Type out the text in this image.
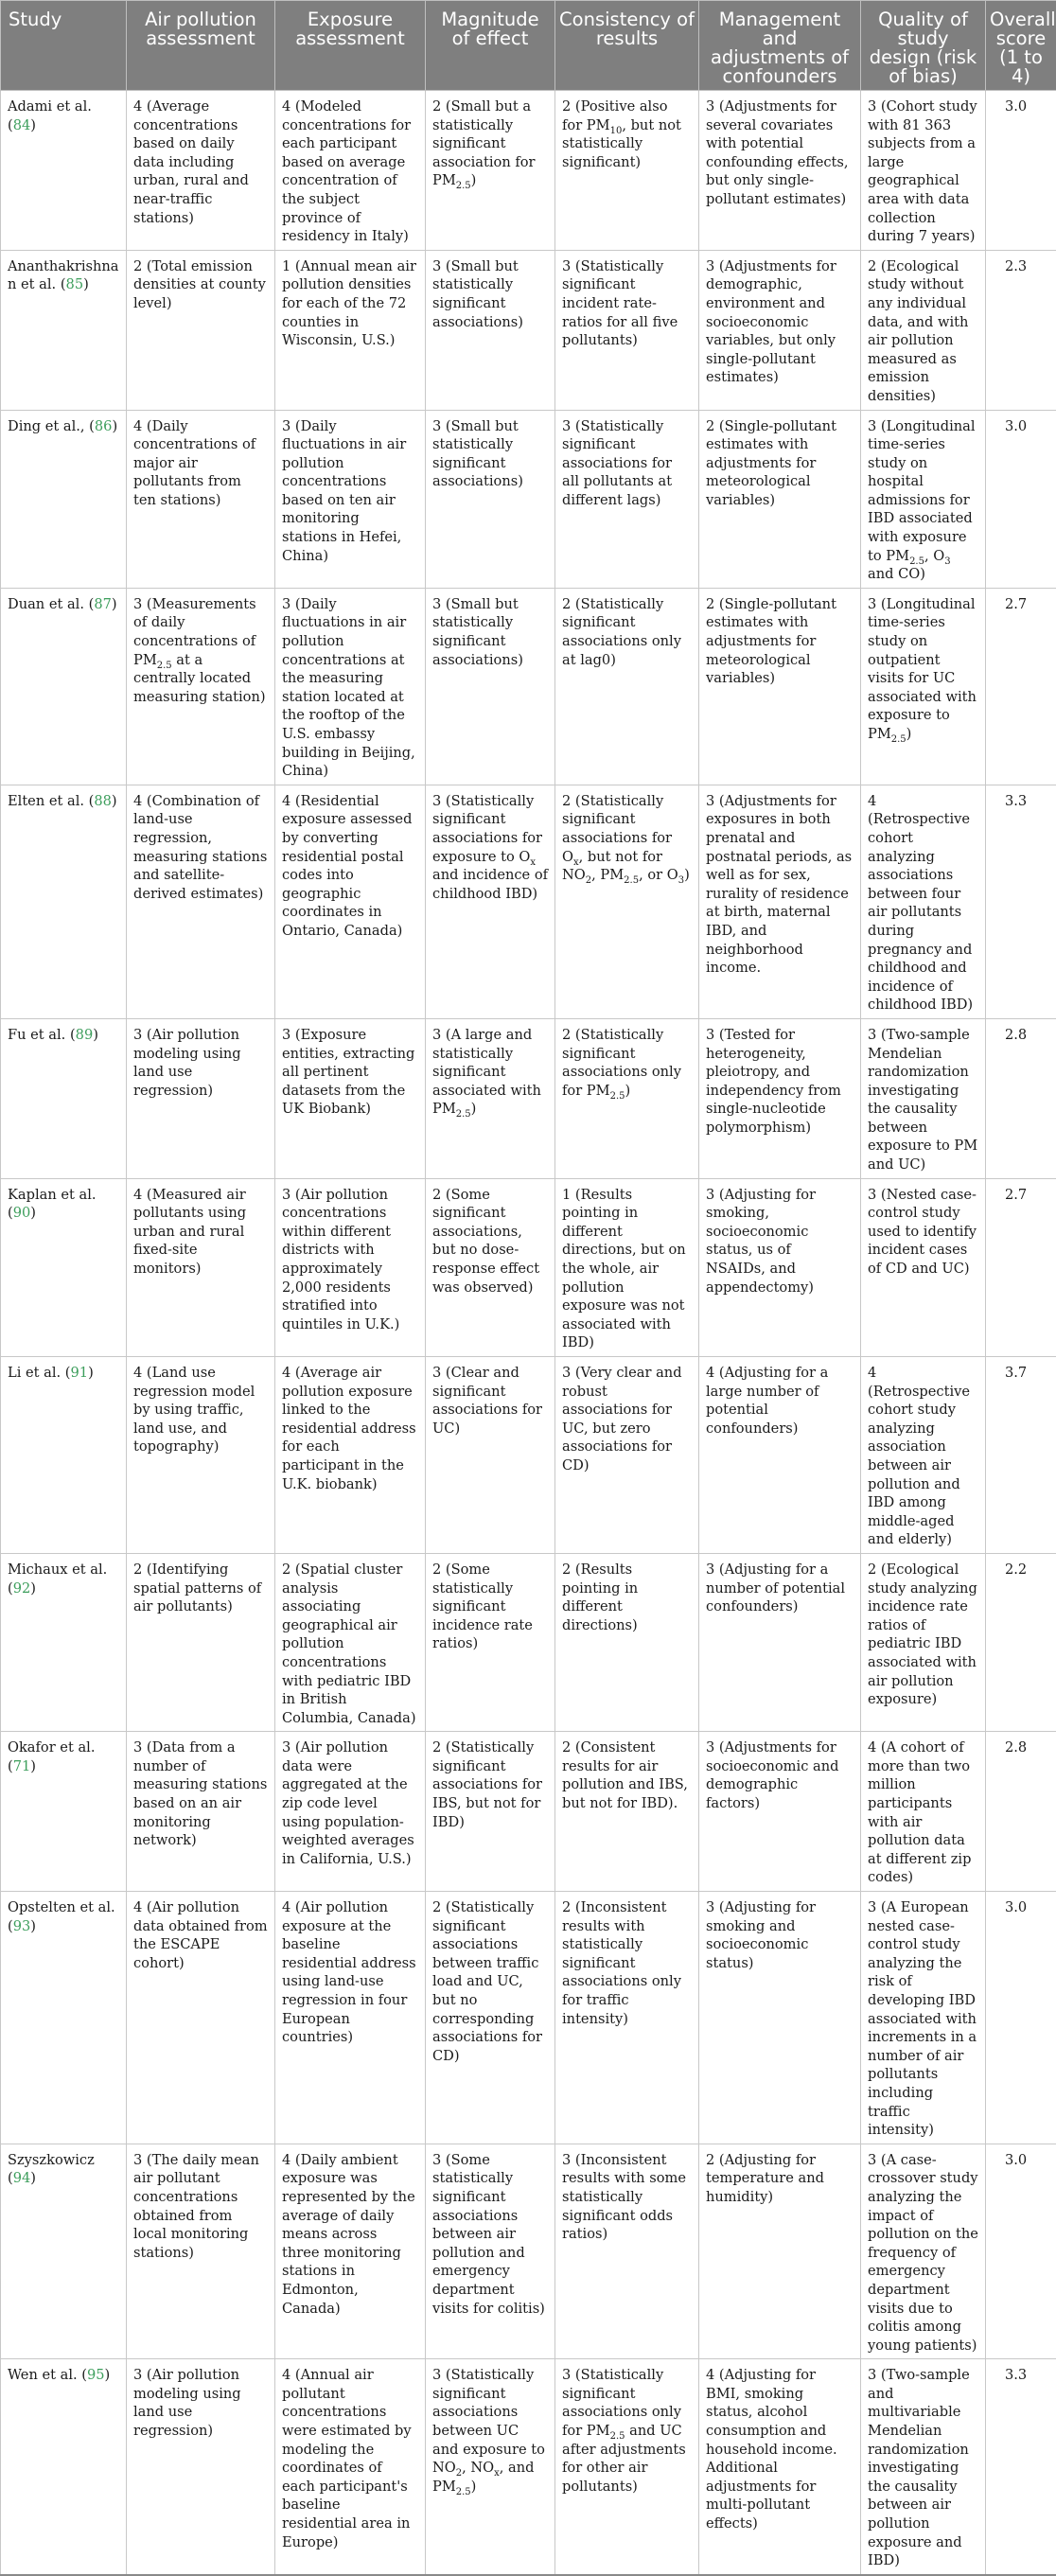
Study	Air pollution assessment	Exposure assessment	Magnitude of effect	Consistency of results	Management and adjustments of confounders	Quality of study design (risk of bias)	Overall score (1 to 4)
Adami et al. (84)	4 (Average concentrations based on daily data including urban, rural and near-traffic stations)	4 (Modeled concentrations for each participant based on average concentration of the subject province of residency in Italy)	2 (Small but a statistically significant association for $PM_{2.5}$)	2 (Positive also for $PM_{10}$, but not statistically significant)	3 (Adjustments for several covariates with potential confounding effects, but only single-pollutant estimates)	3 (Cohort study with 81 363 subjects from a large geographical area with data collection during 7 years)	3.0
Ananthakrishnan et al. (85)	2 (Total emission densities at county level)	1 (Annual mean air pollution densities for each of the 72 counties in Wisconsin, U.S.)	3 (Small but statistically significant associations)	3 (Statistically significant incident rate-ratios for all five pollutants)	3 (Adjustments for demographic, environment and socioeconomic variables, but only single-pollutant estimates)	2 (Ecological study without any individual data, and with air pollution measured as emission densities)	2.3
Ding et al., (86)	4 (Daily concentrations of major air pollutants from ten stations)	3 (Daily fluctuations in air pollution concentrations based on ten air monitoring stations in Hefei, China)	3 (Small but statistically significant associations)	3 (Statistically significant associations for all pollutants at different lags)	2 (Single-pollutant estimates with adjustments for meteorological variables)	3 (Longitudinal time-series study on hospital admissions for IBD associated with exposure to $PM_{2.5}$, $O_3$ and CO)	3.0
Duan et al. (87)	3 (Measurements of daily concentrations of $PM_{2.5}$ at a centrally located measuring station)	3 (Daily fluctuations in air pollution concentrations at the measuring station located at the rooftop of the U.S. embassy building in Beijing, China)	3 (Small but statistically significant associations)	2 (Statistically significant associations only at lag0)	2 (Single-pollutant estimates with adjustments for meteorological variables)	3 (Longitudinal time-series study on outpatient visits for UC associated with exposure to $PM_{2.5}$)	2.7
Elten et al. (88)	4 (Combination of land-use regression, measuring stations and satellite-derived estimates)	4 (Residential exposure assessed by converting residential postal codes into geographic coordinates in Ontario, Canada)	3 (Statistically significant associations for exposure to $O_x$ and incidence of childhood IBD)	2 (Statistically significant associations for $O_x$, but not for $NO_2$, $PM_{2.5}$, or $O_3$)	3 (Adjustments for exposures in both prenatal and postnatal periods, as well as for sex, rurality of residence at birth, maternal IBD, and neighborhood income.	4 (Retrospective cohort analyzing associations between four air pollutants during pregnancy and childhood and incidence of childhood IBD)	3.3
Fu et al. (89)	3 (Air pollution modeling using land use regression)	3 (Exposure entities, extracting all pertinent datasets from the UK Biobank)	3 (A large and statistically significant associated with $PM_{2.5}$)	2 (Statistically significant associations only for $PM_{2.5}$)	3 (Tested for heterogeneity, pleiotropy, and independency from single-nucleotide polymorphism)	3 (Two-sample Mendelian randomization investigating the causality between exposure to PM and UC)	2.8
Kaplan et al. (90)	4 (Measured air pollutants using urban and rural fixed-site monitors)	3 (Air pollution concentrations within different districts with approximately 2,000 residents stratified into quintiles in U.K.)	2 (Some significant associations, but no dose-response effect was observed)	1 (Results pointing in different directions, but on the whole, air pollution exposure was not associated with IBD)	3 (Adjusting for smoking, socioeconomic status, us of NSAIDs, and appendectomy)	3 (Nested case-control study used to identify incident cases of CD and UC)	2.7
Li et al. (91)	4 (Land use regression model by using traffic, land use, and topography)	4 (Average air pollution exposure linked to the residential address for each participant in the U.K. biobank)	3 (Clear and significant associations for UC)	3 (Very clear and robust associations for UC, but zero associations for CD)	4 (Adjusting for a large number of potential confounders)	4 (Retrospective cohort study analyzing association between air pollution and IBD among middle-aged and elderly)	3.7
Michaux et al. (92)	2 (Identifying spatial patterns of air pollutants)	2 (Spatial cluster analysis associating geographical air pollution concentrations with pediatric IBD in British Columbia, Canada)	2 (Some statistically significant incidence rate ratios)	2 (Results pointing in different directions)	3 (Adjusting for a number of potential confounders)	2 (Ecological study analyzing incidence rate ratios of pediatric IBD associated with air pollution exposure)	2.2
Okafor et al. (71)	3 (Data from a number of measuring stations based on an air monitoring network)	3 (Air pollution data were aggregated at the zip code level using population-weighted averages in California, U.S.)	2 (Statistically significant associations for IBS, but not for IBD)	2 (Consistent results for air pollution and IBS, but not for IBD).	3 (Adjustments for socioeconomic and demographic factors)	4 (A cohort of more than two million participants with air pollution data at different zip codes)	2.8
Opstelten et al. (93)	4 (Air pollution data obtained from the ESCAPE cohort)	4 (Air pollution exposure at the baseline residential address using land-use regression in four European countries)	2 (Statistically significant associations between traffic load and UC, but no corresponding associations for CD)	2 (Inconsistent results with statistically significant associations only for traffic intensity)	3 (Adjusting for smoking and socioeconomic status)	3 (A European nested case-control study analyzing the risk of developing IBD associated with increments in a number of air pollutants including traffic intensity)	3.0
Szyszkowicz (94)	3 (The daily mean air pollutant concentrations obtained from local monitoring stations)	4 (Daily ambient exposure was represented by the average of daily means across three monitoring stations in Edmonton, Canada)	3 (Some statistically significant associations between air pollution and emergency department visits for colitis)	3 (Inconsistent results with some statistically significant odds ratios)	2 (Adjusting for temperature and humidity)	3 (A case-crossover study analyzing the impact of pollution on the frequency of emergency department visits due to colitis among young patients)	3.0
Wen et al. (95)	3 (Air pollution modeling using land use regression)	4 (Annual air pollutant concentrations were estimated by modeling the coordinates of each participant's baseline residential area in Europe)	3 (Statistically significant associations between UC and exposure to $NO_2$, $NO_x$, and $PM_{2.5}$)	3 (Statistically significant associations only for $PM_{2.5}$ and UC after adjustments for other air pollutants)	4 (Adjusting for BMI, smoking status, alcohol consumption and household income. Additional adjustments for multi-pollutant effects)	3 (Two-sample and multivariable Mendelian randomization investigating the causality between air pollution exposure and IBD)	3.3
